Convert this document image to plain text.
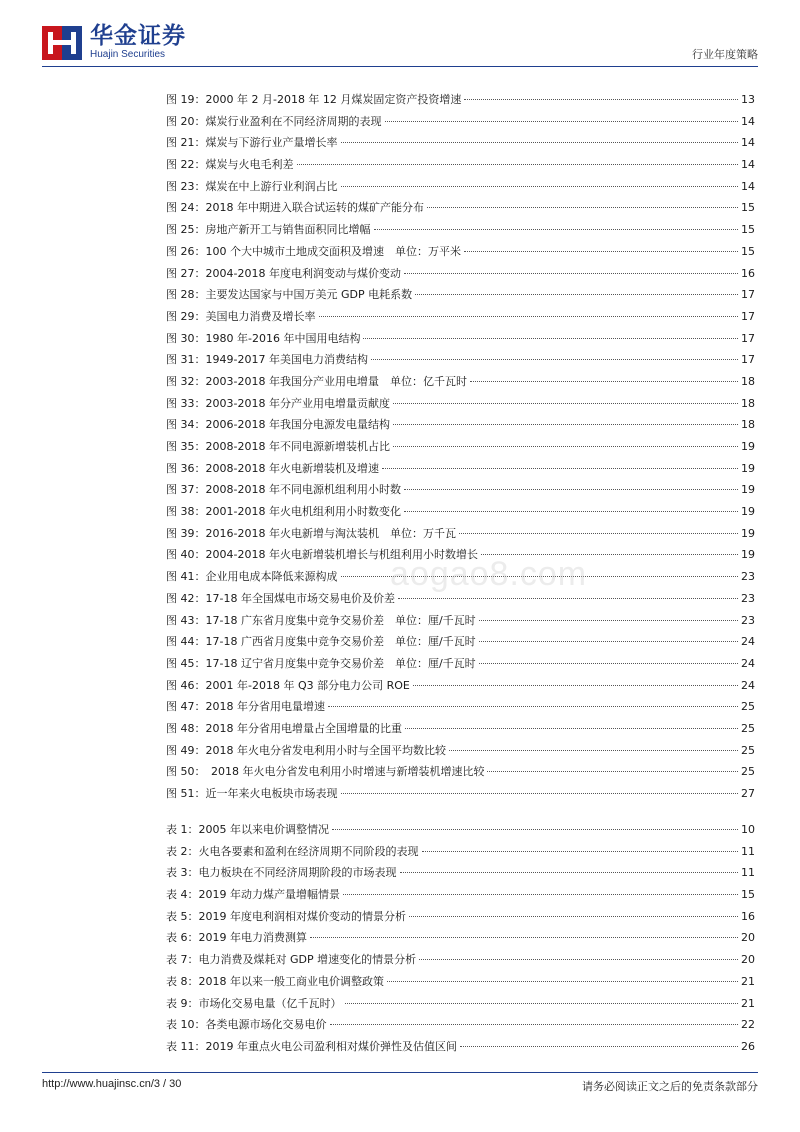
华金证券
Huajin Securities	行业年度策略
图 19：2000 年 2 月-2018 年 12 月煤炭固定资产投资增速	13
图 20：煤炭行业盈利在不同经济周期的表现	14
图 21：煤炭与下游行业产量增长率	14
图 22：煤炭与火电毛利差	14
图 23：煤炭在中上游行业利润占比	14
图 24：2018 年中期进入联合试运转的煤矿产能分布	15
图 25：房地产新开工与销售面积同比增幅	15
图 26：100 个大中城市土地成交面积及增速　单位：万平米	15
图 27：2004-2018 年度电利润变动与煤价变动	16
图 28：主要发达国家与中国万美元 GDP 电耗系数	17
图 29：美国电力消费及增长率	17
图 30：1980 年-2016 年中国用电结构	17
图 31：1949-2017 年美国电力消费结构	17
图 32：2003-2018 年我国分产业用电增量　单位：亿千瓦时	18
图 33：2003-2018 年分产业用电增量贡献度	18
图 34：2006-2018 年我国分电源发电量结构	18
图 35：2008-2018 年不同电源新增装机占比	19
图 36：2008-2018 年火电新增装机及增速	19
图 37：2008-2018 年不同电源机组利用小时数	19
图 38：2001-2018 年火电机组利用小时数变化	19
图 39：2016-2018 年火电新增与淘汰装机　单位：万千瓦	19
图 40：2004-2018 年火电新增装机增长与机组利用小时数增长	19
图 41：企业用电成本降低来源构成	23
图 42：17-18 年全国煤电市场交易电价及价差	23
图 43：17-18 广东省月度集中竞争交易价差　单位：厘/千瓦时	23
图 44：17-18 广西省月度集中竞争交易价差　单位：厘/千瓦时	24
图 45：17-18 辽宁省月度集中竞争交易价差　单位：厘/千瓦时	24
图 46：2001 年-2018 年 Q3 部分电力公司 ROE	24
图 47：2018 年分省用电量增速	25
图 48：2018 年分省用电增量占全国增量的比重	25
图 49：2018 年火电分省发电利用小时与全国平均数比较	25
图 50：　2018 年火电分省发电利用小时增速与新增装机增速比较	25
图 51：近一年来火电板块市场表现	27
表 1：2005 年以来电价调整情况	10
表 2：火电各要素和盈利在经济周期不同阶段的表现	11
表 3：电力板块在不同经济周期阶段的市场表现	11
表 4：2019 年动力煤产量增幅情景	15
表 5：2019 年度电利润相对煤价变动的情景分析	16
表 6：2019 年电力消费测算	20
表 7：电力消费及煤耗对 GDP 增速变化的情景分析	20
表 8：2018 年以来一般工商业电价调整政策	21
表 9：市场化交易电量（亿千瓦时）	21
表 10：各类电源市场化交易电价	22
表 11：2019 年重点火电公司盈利相对煤价弹性及估值区间	26
aogao8.com
http://www.huajinsc.cn/3 / 30	请务必阅读正文之后的免责条款部分
